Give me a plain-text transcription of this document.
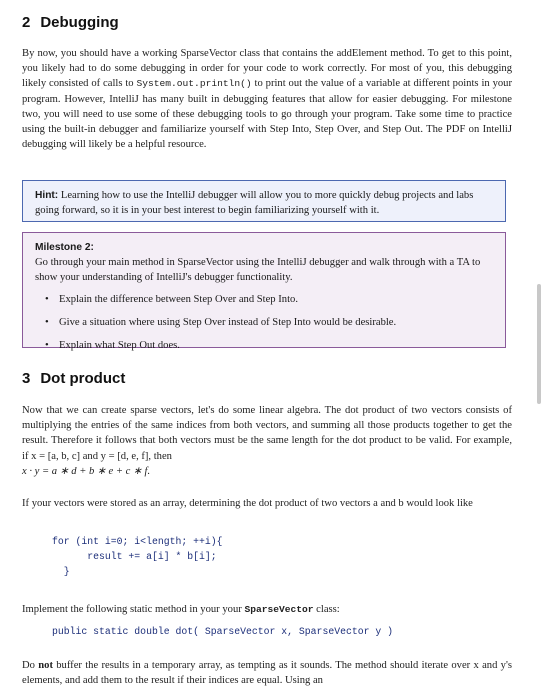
2 Debugging

By now, you should have a working SparseVector class that contains the addElement method. To get to this point, you likely had to do some debugging in order for your code to work correctly. For most of you, this debugging likely consisted of calls to System.out.println() to print out the value of a variable at different points in your program. However, IntelliJ has many built in debugging features that allow for easier debugging. For milestone two, you will need to use some of these debugging tools to go through your program. Take some time to practice using the built-in debugger and familiarize yourself with Step Into, Step Over, and Step Out. The PDF on IntelliJ debugging will likely be a helpful resource.

Hint: Learning how to use the IntelliJ debugger will allow you to more quickly debug projects and labs going forward, so it is in your best interest to begin familiarizing yourself with it.
Milestone 2:
Go through your main method in SparseVector using the IntelliJ debugger and walk through with a TA to show your understanding of IntelliJ's debugger functionality.
• Explain the difference between Step Over and Step Into.
• Give a situation where using Step Over instead of Step Into would be desirable.
• Explain what Step Out does.
3 Dot product

Now that we can create sparse vectors, let's do some linear algebra. The dot product of two vectors consists of multiplying the entries of the same indices from both vectors, and summing all those products together to get the result. Therefore it follows that both vectors must be the same length for the dot product to be valid. For example, if x = [a, b, c] and y = [d, e, f], then
x · y = a ∗ d + b ∗ e + c ∗ f.

If your vectors were stored as an array, determining the dot product of two vectors a and b would look like

for (int i=0; i<length; ++i){
result += a[i] * b[i];
}

Implement the following static method in your your SparseVector class:

public static double dot( SparseVector x, SparseVector y )

Do not buffer the results in a temporary array, as tempting as it sounds. The method should iterate over x and y's elements, and add them to the result if their indices are equal. Using an
